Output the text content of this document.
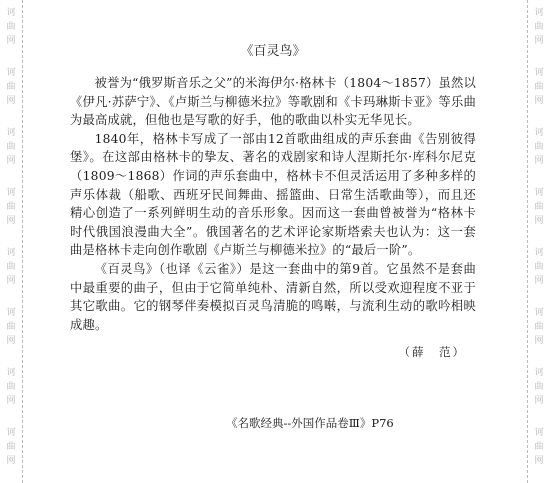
诃
曲
网
诃
曲
网
诃
曲
网
诃
曲
网
诃
曲
网
诃
曲
网
诃
曲
网
诃
曲
网
诃
曲
网
诃
曲
网
诃
曲
网
诃
曲
网
诃
曲
网
诃
曲
网
诃
曲
网
诃
曲
网
《百灵鸟》

被誉为“俄罗斯音乐之父”的米海伊尔·格林卡（1804～1857）虽然以《伊凡·苏萨宁》、《卢斯兰与柳德米拉》等歌剧和《卡玛琳斯卡亚》等乐曲为最高成就，但他也是写歌的好手，他的歌曲以朴实无华见长。

1840年，格林卡写成了一部由12首歌曲组成的声乐套曲《告别彼得堡》。在这部由格林卡的挚友、著名的戏剧家和诗人涅斯托尔·库科尔尼克（1809～1868）作词的声乐套曲中，格林卡不但灵活运用了多种多样的声乐体裁（船歌、西班牙民间舞曲、摇篮曲、日常生活歌曲等），而且还精心创造了一系列鲜明生动的音乐形象。因而这一套曲曾被誉为“格林卡时代俄国浪漫曲大全”。俄国著名的艺术评论家斯塔索夫也认为：这一套曲是格林卡走向创作歌剧《卢斯兰与柳德米拉》的“最后一阶”。

《百灵鸟》（也译《云雀》）是这一套曲中的第9首。它虽然不是套曲中最重要的曲子，但由于它简单纯朴、清新自然，所以受欢迎程度不亚于其它歌曲。它的钢琴伴奏模拟百灵鸟清脆的鸣啭，与流利生动的歌吟相映成趣。

（薛　范）
《名歌经典--外国作品卷Ⅲ》P76
